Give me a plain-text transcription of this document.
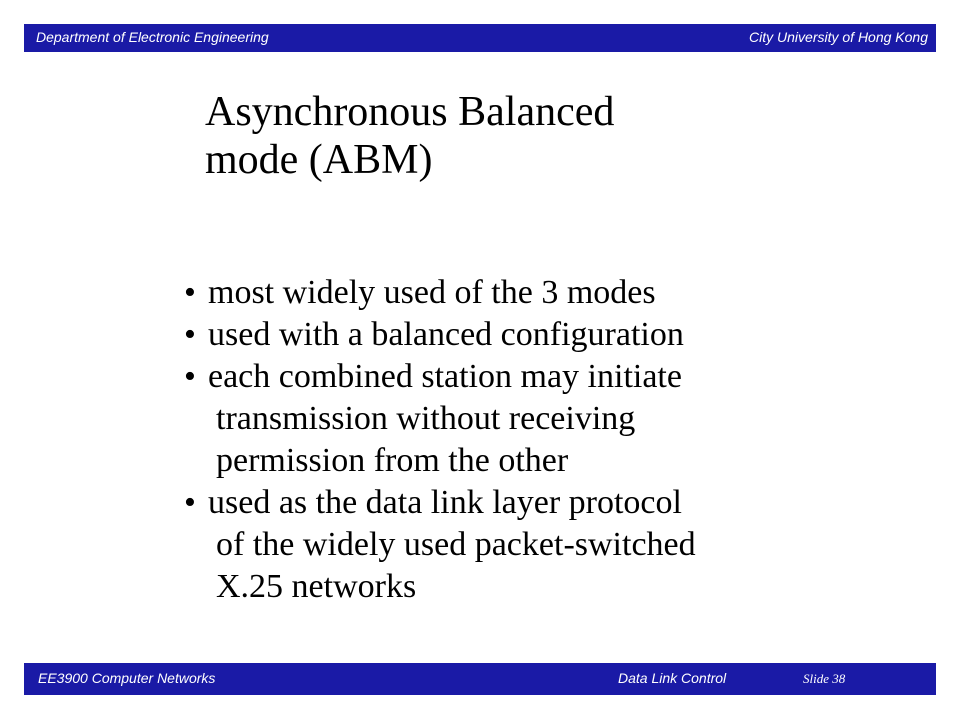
Department of Electronic Engineering	City University of Hong Kong
Asynchronous Balanced
mode (ABM)
• most widely used of the 3 modes
• used with a balanced configuration
• each combined station may initiate
transmission without receiving
permission from the other
• used as the data link layer protocol
of the widely used packet-switched
X.25 networks
EE3900 Computer Networks	Data Link Control	Slide 38
